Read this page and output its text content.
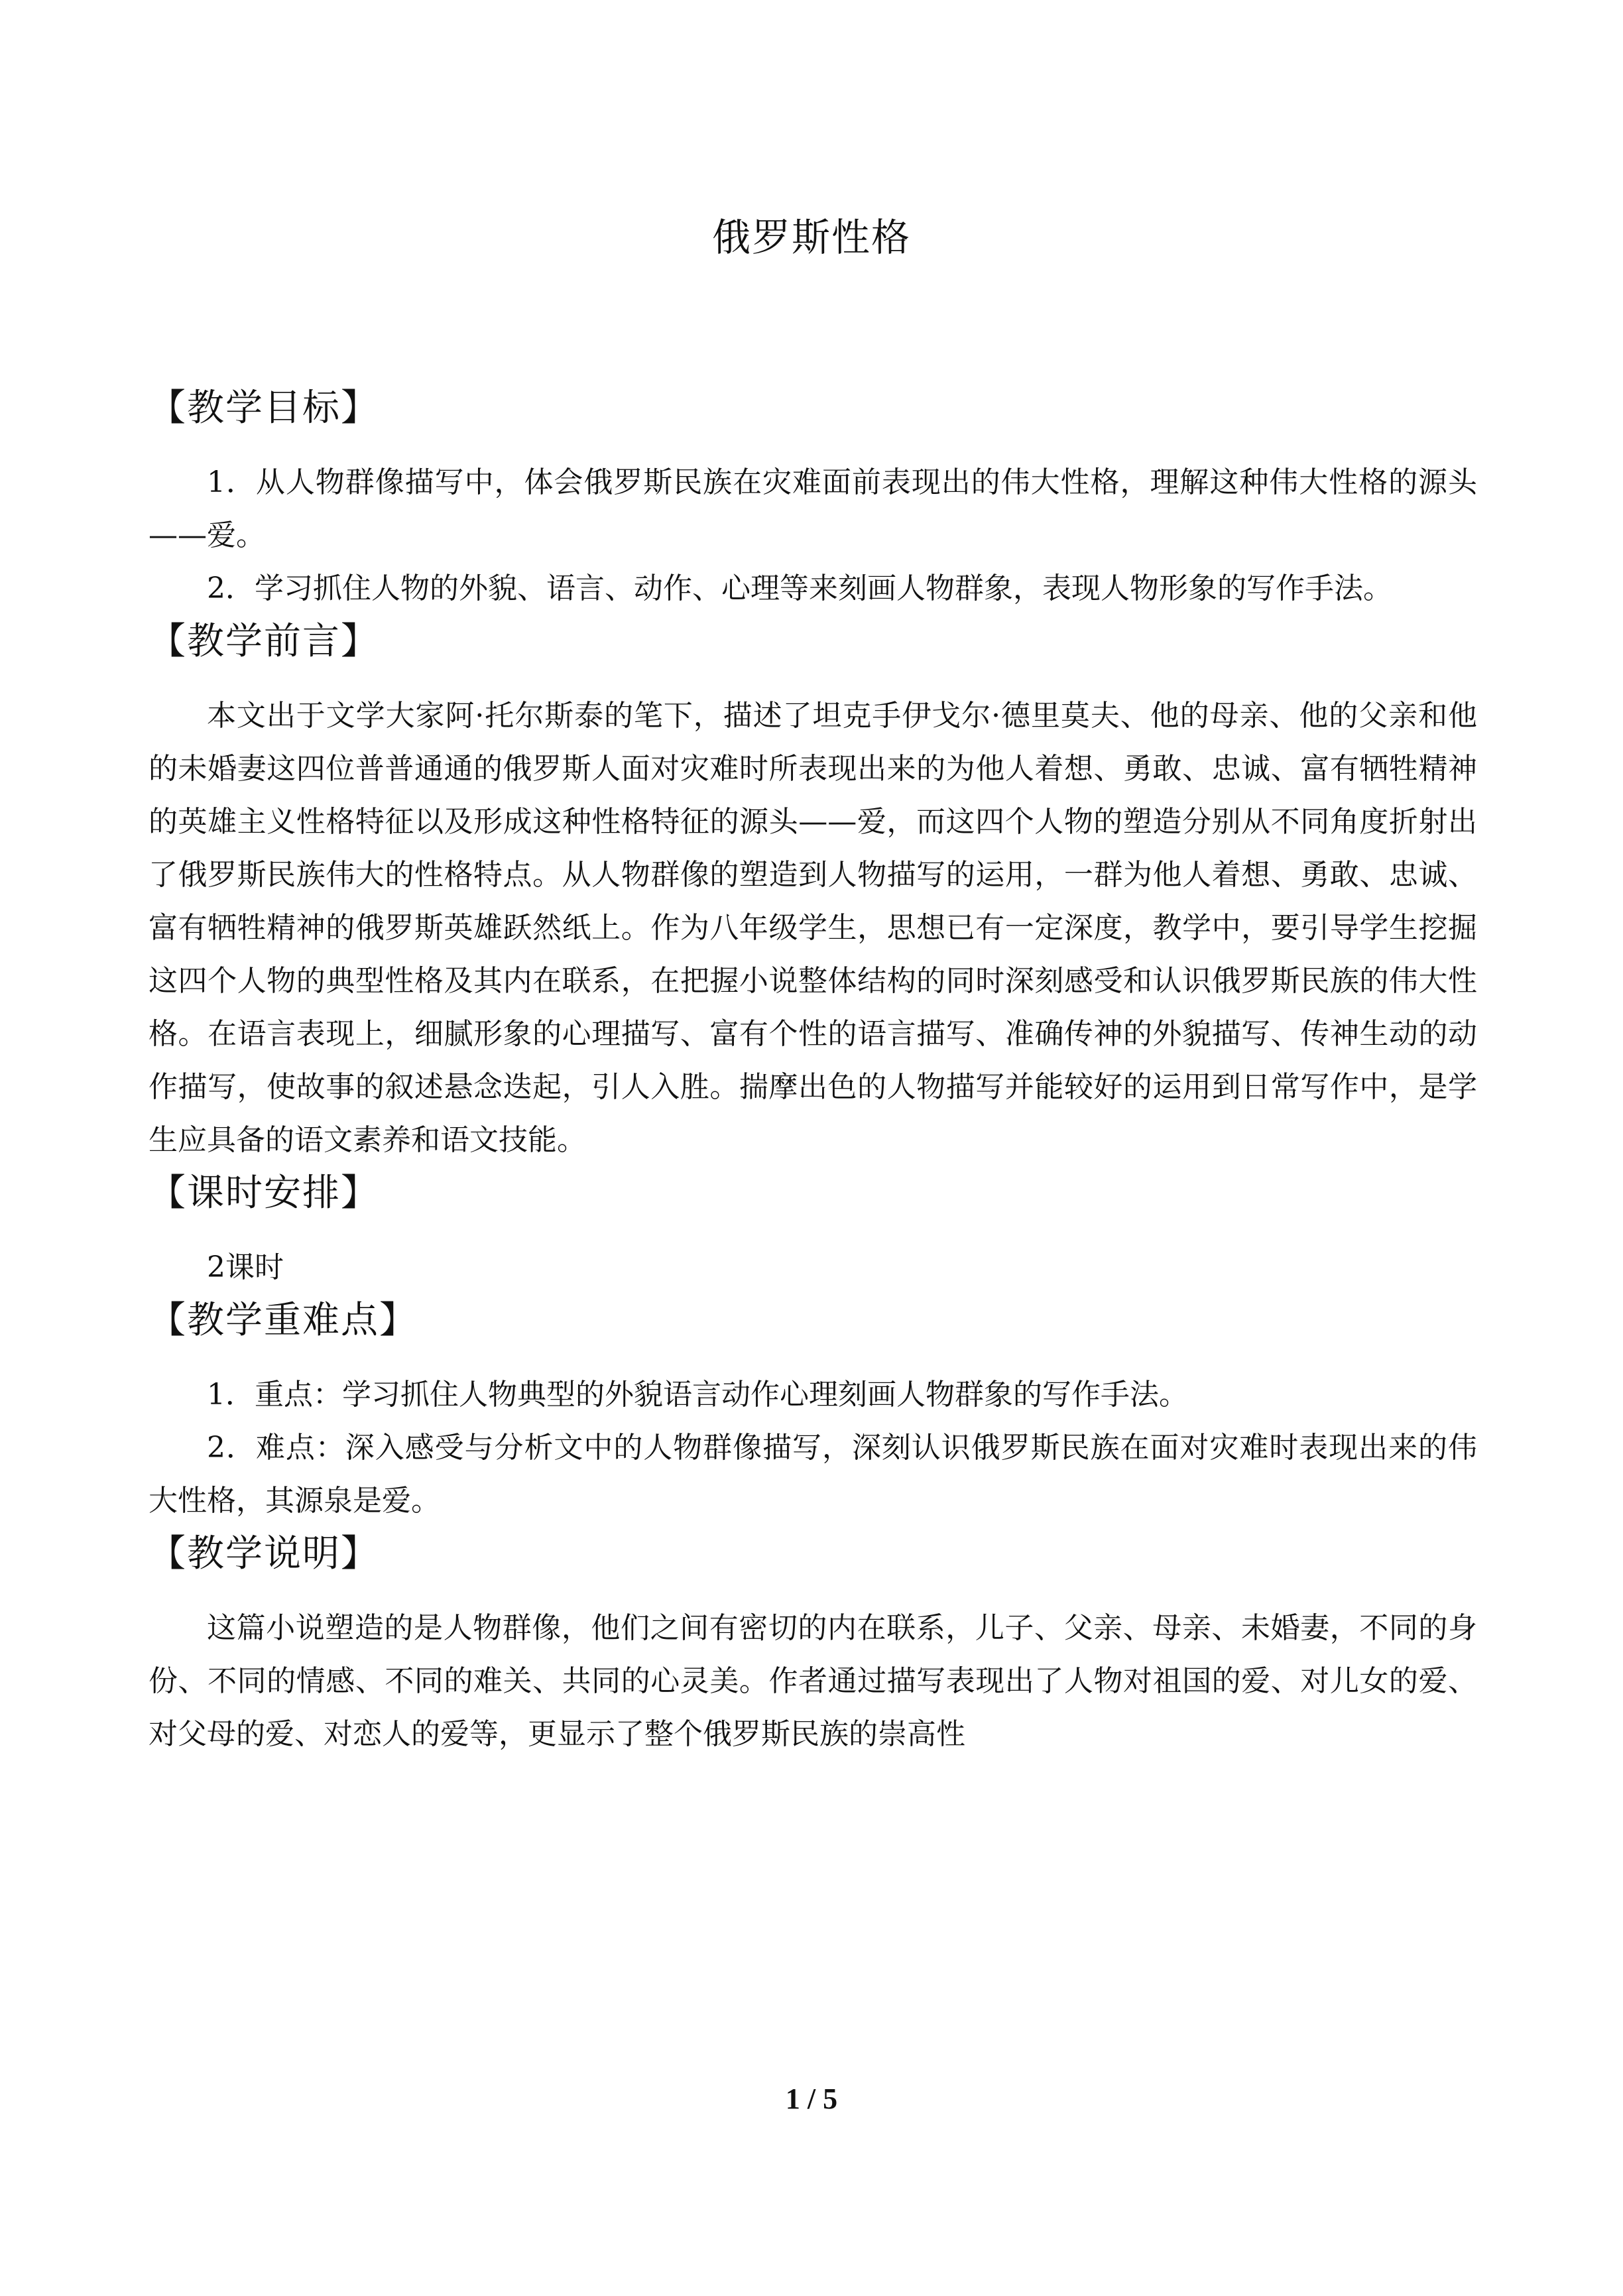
俄罗斯性格
【教学目标】

1．从人物群像描写中，体会俄罗斯民族在灾难面前表现出的伟大性格，理解这种伟大性格的源头——爱。

2．学习抓住人物的外貌、语言、动作、心理等来刻画人物群象，表现人物形象的写作手法。

【教学前言】

本文出于文学大家阿·托尔斯泰的笔下，描述了坦克手伊戈尔·德里莫夫、他的母亲、他的父亲和他的未婚妻这四位普普通通的俄罗斯人面对灾难时所表现出来的为他人着想、勇敢、忠诚、富有牺牲精神的英雄主义性格特征以及形成这种性格特征的源头——爱，而这四个人物的塑造分别从不同角度折射出了俄罗斯民族伟大的性格特点。从人物群像的塑造到人物描写的运用，一群为他人着想、勇敢、忠诚、富有牺牲精神的俄罗斯英雄跃然纸上。作为八年级学生，思想已有一定深度，教学中，要引导学生挖掘这四个人物的典型性格及其内在联系，在把握小说整体结构的同时深刻感受和认识俄罗斯民族的伟大性格。在语言表现上，细腻形象的心理描写、富有个性的语言描写、准确传神的外貌描写、传神生动的动作描写，使故事的叙述悬念迭起，引人入胜。揣摩出色的人物描写并能较好的运用到日常写作中，是学生应具备的语文素养和语文技能。

【课时安排】

2课时

【教学重难点】

1．重点：学习抓住人物典型的外貌语言动作心理刻画人物群象的写作手法。

2．难点：深入感受与分析文中的人物群像描写，深刻认识俄罗斯民族在面对灾难时表现出来的伟大性格，其源泉是爱。

【教学说明】

这篇小说塑造的是人物群像，他们之间有密切的内在联系，儿子、父亲、母亲、未婚妻，不同的身份、不同的情感、不同的难关、共同的心灵美。作者通过描写表现出了人物对祖国的爱、对儿女的爱、对父母的爱、对恋人的爱等，更显示了整个俄罗斯民族的崇高性

1 / 5
